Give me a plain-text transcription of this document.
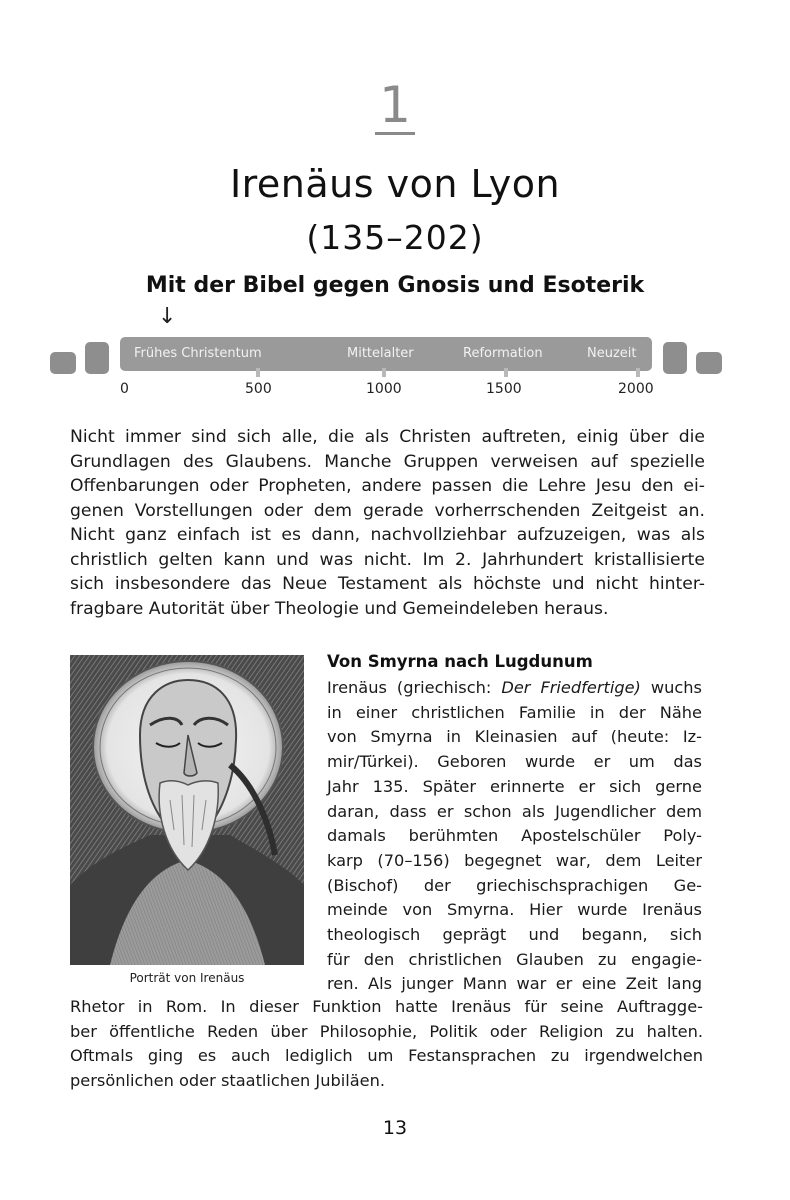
1
Irenäus von Lyon
(135–202)
Mit der Bibel gegen Gnosis und Esoterik
↓
Frühes Christentum	Mittelalter	Reformation	Neuzeit
0	500	1000	1500	2000

Nicht immer sind sich alle, die als Christen auftreten, einig über die
Grundlagen des Glaubens. Manche Gruppen verweisen auf spezielle
Offenbarungen oder Propheten, andere passen die Lehre Jesu den ei-
genen Vorstellungen oder dem gerade vorherrschenden Zeitgeist an.
Nicht ganz einfach ist es dann, nachvollziehbar aufzuzeigen, was als
christlich gelten kann und was nicht. Im 2. Jahrhundert kristallisierte
sich insbesondere das Neue Testament als höchste und nicht hinter-
fragbare Autorität über Theologie und Gemeindeleben heraus.

Porträt von Irenäus
Von Smyrna nach Lugdunum

Irenäus (griechisch: Der Friedfertige) wuchs
in einer christlichen Familie in der Nähe
von Smyrna in Kleinasien auf (heute: Iz-
mir/Türkei). Geboren wurde er um das
Jahr 135. Später erinnerte er sich gerne
daran, dass er schon als Jugendlicher dem
damals berühmten Apostelschüler Poly-
karp (70–156) begegnet war, dem Leiter
(Bischof) der griechischsprachigen Ge-
meinde von Smyrna. Hier wurde Irenäus
theologisch geprägt und begann, sich
für den christlichen Glauben zu engagie-
ren. Als junger Mann war er eine Zeit lang

Rhetor in Rom. In dieser Funktion hatte Irenäus für seine Auftragge-
ber öffentliche Reden über Philosophie, Politik oder Religion zu halten.
Oftmals ging es auch lediglich um Festansprachen zu irgendwelchen
persönlichen oder staatlichen Jubiläen.

13
